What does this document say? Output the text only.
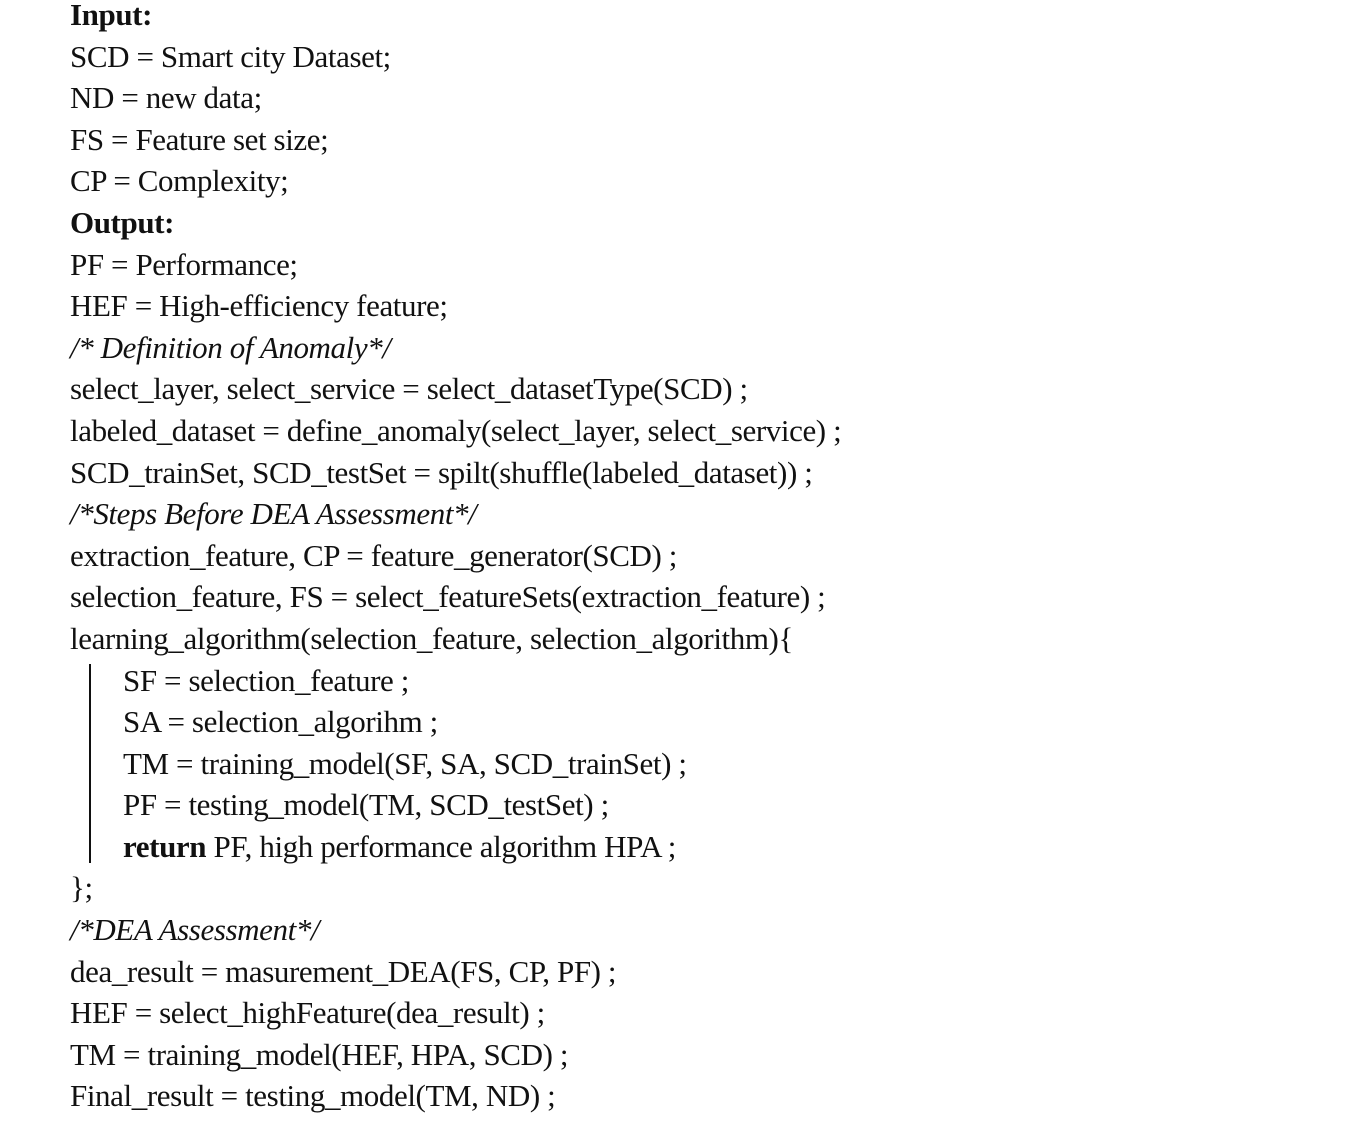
Input:
SCD = Smart city Dataset;
ND = new data;
FS = Feature set size;
CP = Complexity;
Output:
PF = Performance;
HEF = High-efficiency feature;
/* Definition of Anomaly*/
select_layer, select_service = select_datasetType(SCD) ;
labeled_dataset = define_anomaly(select_layer, select_service) ;
SCD_trainSet, SCD_testSet = spilt(shuffle(labeled_dataset)) ;
/*Steps Before DEA Assessment*/
extraction_feature, CP = feature_generator(SCD) ;
selection_feature, FS = select_featureSets(extraction_feature) ;
learning_algorithm(selection_feature, selection_algorithm){
SF = selection_feature ;
SA = selection_algorihm ;
TM = training_model(SF, SA, SCD_trainSet) ;
PF = testing_model(TM, SCD_testSet) ;
return PF, high performance algorithm HPA ;
};
/*DEA Assessment*/
dea_result = masurement_DEA(FS, CP, PF) ;
HEF = select_highFeature(dea_result) ;
TM = training_model(HEF, HPA, SCD) ;
Final_result = testing_model(TM, ND) ;
